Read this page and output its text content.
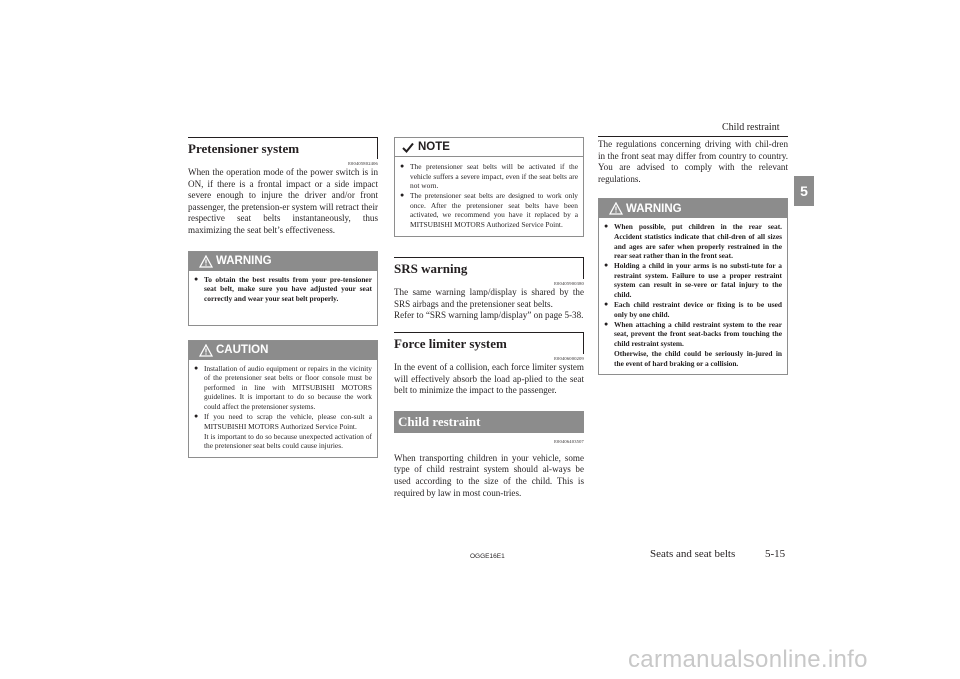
Child restraint
5
Pretensioner system
E00405802406

When the operation mode of the power switch is in ON, if there is a frontal impact or a side impact severe enough to injure the driver and/or front passenger, the pretension-er system will retract their respective seat belts instantaneously, thus maximizing the seat belt’s effectiveness.

WARNING
● To obtain the best results from your pre-tensioner seat belt, make sure you have adjusted your seat correctly and wear your seat belt properly.
CAUTION
● Installation of audio equipment or repairs in the vicinity of the pretensioner seat belts or floor console must be performed in line with MITSUBISHI MOTORS guidelines. It is important to do so because the work could affect the pretensioner systems.
● If you need to scrap the vehicle, please con-sult a MITSUBISHI MOTORS Authorized Service Point.

It is important to do so because unexpected activation of the pretensioner seat belts could cause injuries.

NOTE
● The pretensioner seat belts will be activated if the vehicle suffers a severe impact, even if the seat belts are not worn.
● The pretensioner seat belts are designed to work only once. After the pretensioner seat belts have been activated, we recommend you have it replaced by a MITSUBISHI MOTORS Authorized Service Point.
SRS warning
E00405900380

The same warning lamp/display is shared by the SRS airbags and the pretensioner seat belts.

Refer to “SRS warning lamp/display” on page 5-38.

Force limiter system
E00406000209

In the event of a collision, each force limiter system will effectively absorb the load ap-plied to the seat belt to minimize the impact to the passenger.

Child restraint
E00406403507

When transporting children in your vehicle, some type of child restraint system should al-ways be used according to the size of the child. This is required by law in most coun-tries.

The regulations concerning driving with chil-dren in the front seat may differ from country to country. You are advised to comply with the relevant regulations.

WARNING
● When possible, put children in the rear seat. Accident statistics indicate that chil-dren of all sizes and ages are safer when properly restrained in the rear seat rather than in the front seat.
● Holding a child in your arms is no substi-tute for a restraint system. Failure to use a proper restraint system can result in se-vere or fatal injury to the child.
● Each child restraint device or fixing is to be used only by one child.
● When attaching a child restraint system to the rear seat, prevent the front seat-backs from touching the child restraint system.

Otherwise, the child could be seriously in-jured in the event of hard braking or a collision.

OGGE16E1	Seats and seat belts	5-15
carmanualsonline.info
